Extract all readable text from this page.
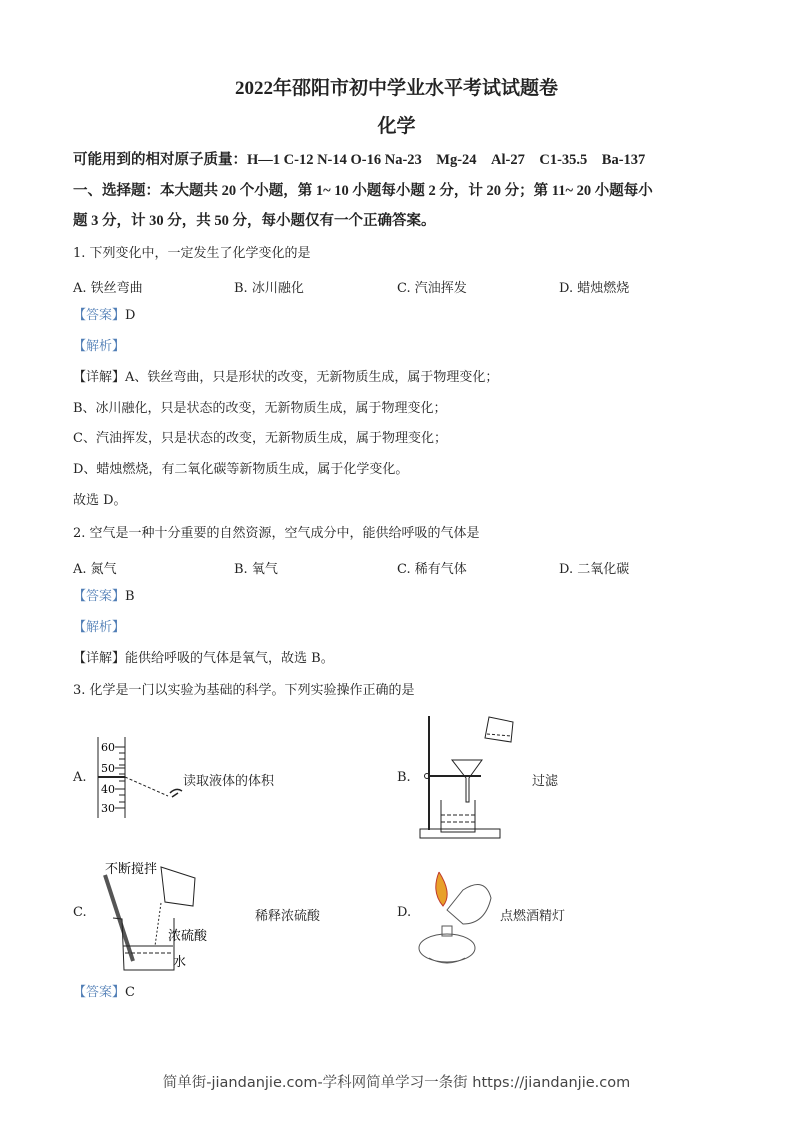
2022年邵阳市初中学业水平考试试题卷
化学
可能用到的相对原子质量：H—1 C-12 N-14 O-16 Na-23　Mg-24　Al-27　C1-35.5　Ba-137
一、选择题：本大题共 20 个小题，第 1~ 10 小题每小题 2 分，计 20 分；第 11~ 20 小题每小
题 3 分，计 30 分，共 50 分，每小题仅有一个正确答案。
1. 下列变化中，一定发生了化学变化的是
A. 铁丝弯曲	B. 冰川融化	C. 汽油挥发	D. 蜡烛燃烧
【答案】D
【解析】
【详解】A、铁丝弯曲，只是形状的改变，无新物质生成，属于物理变化；
B、冰川融化，只是状态的改变，无新物质生成，属于物理变化；
C、汽油挥发，只是状态的改变，无新物质生成，属于物理变化；
D、蜡烛燃烧，有二氧化碳等新物质生成，属于化学变化。
故选 D。
2. 空气是一种十分重要的自然资源，空气成分中，能供给呼吸的气体是
A. 氮气	B. 氧气	C. 稀有气体	D. 二氧化碳
【答案】B
【解析】
【详解】能供给呼吸的气体是氧气，故选 B。
3. 化学是一门以实验为基础的科学。下列实验操作正确的是
A.
60
50
40
30
读取液体的体积	B.	过滤
C.
不断搅拌
浓硫酸
水
稀释浓硫酸	D.	点燃酒精灯
【答案】C
简单街-jiandanjie.com-学科网简单学习一条街 https://jiandanjie.com
